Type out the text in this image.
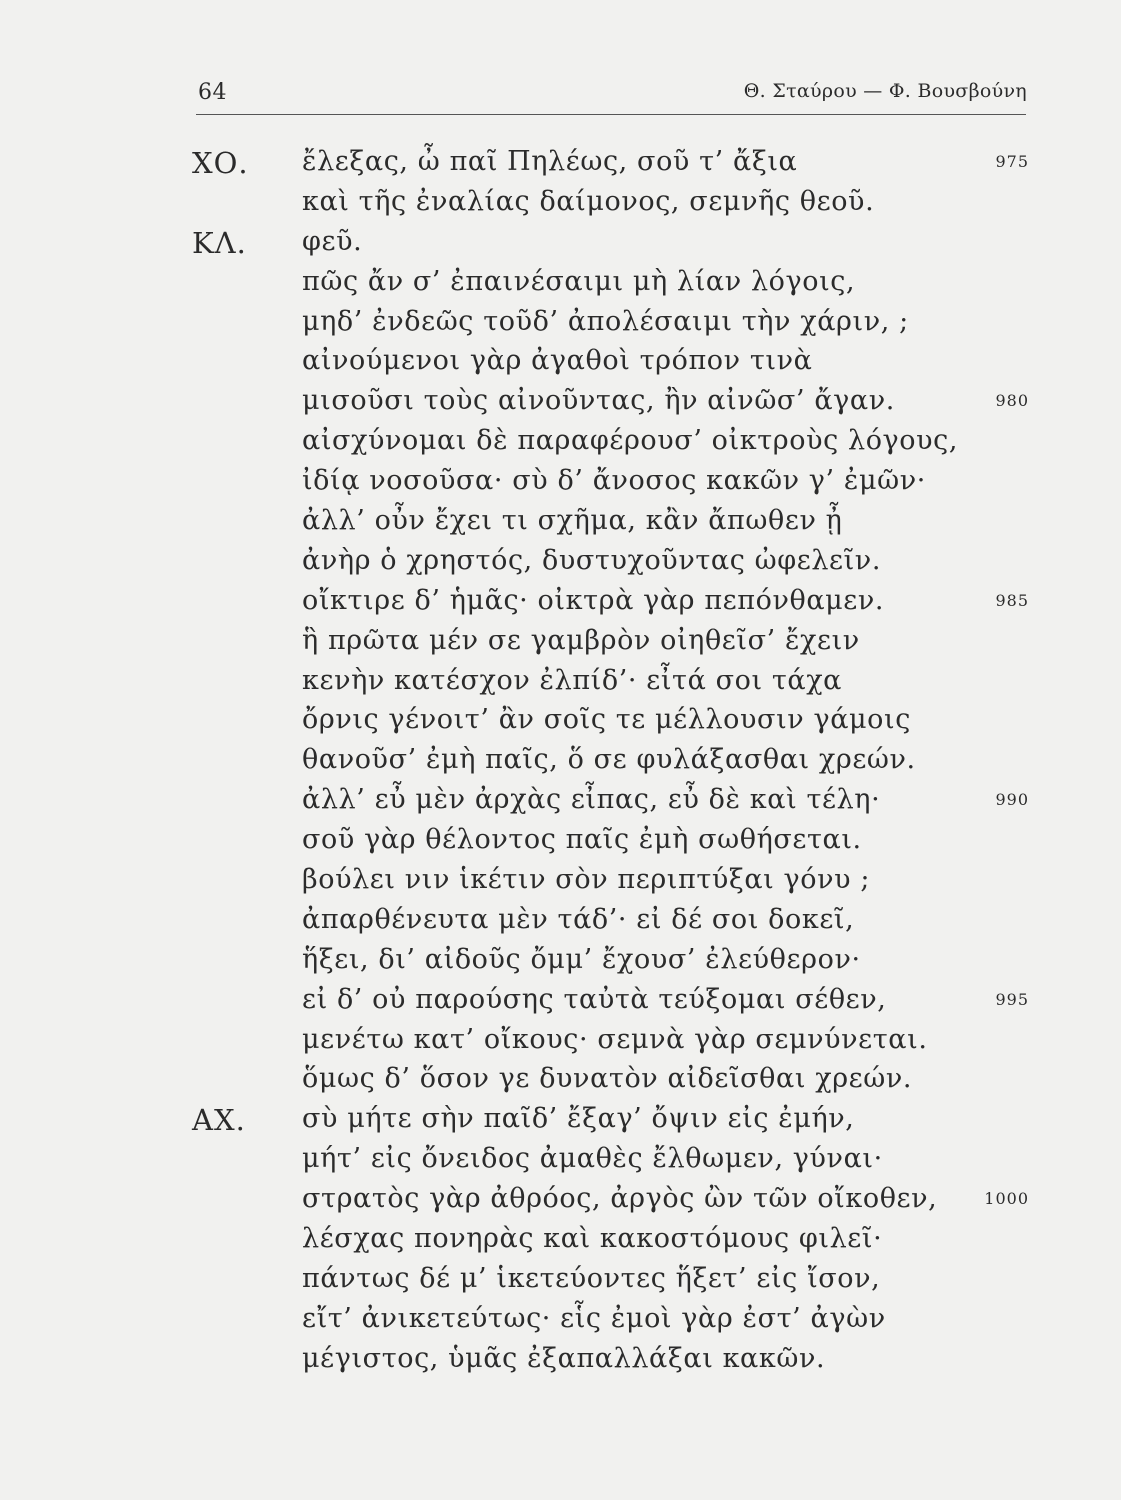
64	Θ. Σταύρου — Φ. Βουσβούνη
ΧΟ. ἔλεξας, ὦ παῖ Πηλέως, σοῦ τ’ ἄξια	975
καὶ τῆς ἐναλίας δαίμονος, σεμνῆς θεοῦ.
ΚΛ. φεῦ.
πῶς ἄν σ’ ἐπαινέσαιμι μὴ λίαν λόγοις,
μηδ’ ἐνδεῶς τοῦδ’ ἀπολέσαιμι τὴν χάριν, ;
αἰνούμενοι γὰρ ἀγαθοὶ τρόπον τινὰ
μισοῦσι τοὺς αἰνοῦντας, ἢν αἰνῶσ’ ἄγαν.	980
αἰσχύνομαι δὲ παραφέρουσ’ οἰκτροὺς λόγους,
ἰδίᾳ νοσοῦσα· σὺ δ’ ἄνοσος κακῶν γ’ ἐμῶν·
ἀλλ’ οὖν ἔχει τι σχῆμα, κἂν ἄπωθεν ᾖ
ἀνὴρ ὁ χρηστός, δυστυχοῦντας ὠφελεῖν.
οἴκτιρε δ’ ἡμᾶς· οἰκτρὰ γὰρ πεπόνθαμεν.	985
ἣ πρῶτα μέν σε γαμβρὸν οἰηθεῖσ’ ἔχειν
κενὴν κατέσχον ἐλπίδ’· εἶτά σοι τάχα
ὄρνις γένοιτ’ ἂν σοῖς τε μέλλουσιν γάμοις
θανοῦσ’ ἐμὴ παῖς, ὅ σε φυλάξασθαι χρεών.
ἀλλ’ εὖ μὲν ἀρχὰς εἶπας, εὖ δὲ καὶ τέλη·	990
σοῦ γὰρ θέλοντος παῖς ἐμὴ σωθήσεται.
βούλει νιν ἱκέτιν σὸν περιπτύξαι γόνυ ;
ἀπαρθένευτα μὲν τάδ’· εἰ δέ σοι δοκεῖ,
ἥξει, δι’ αἰδοῦς ὄμμ’ ἔχουσ’ ἐλεύθερον·
εἰ δ’ οὐ παρούσης ταὐτὰ τεύξομαι σέθεν,	995
μενέτω κατ’ οἴκους· σεμνὰ γὰρ σεμνύνεται.
ὅμως δ’ ὅσον γε δυνατὸν αἰδεῖσθαι χρεών.
ΑΧ. σὺ μήτε σὴν παῖδ’ ἔξαγ’ ὄψιν εἰς ἐμήν,
μήτ’ εἰς ὄνειδος ἀμαθὲς ἔλθωμεν, γύναι·
στρατὸς γὰρ ἀθρόος, ἀργὸς ὢν τῶν οἴκοθεν,	1000
λέσχας πονηρὰς καὶ κακοστόμους φιλεῖ·
πάντως δέ μ’ ἱκετεύοντες ἥξετ’ εἰς ἴσον,
εἴτ’ ἀνικετεύτως· εἷς ἐμοὶ γὰρ ἐστ’ ἀγὼν
μέγιστος, ὑμᾶς ἐξαπαλλάξαι κακῶν.
